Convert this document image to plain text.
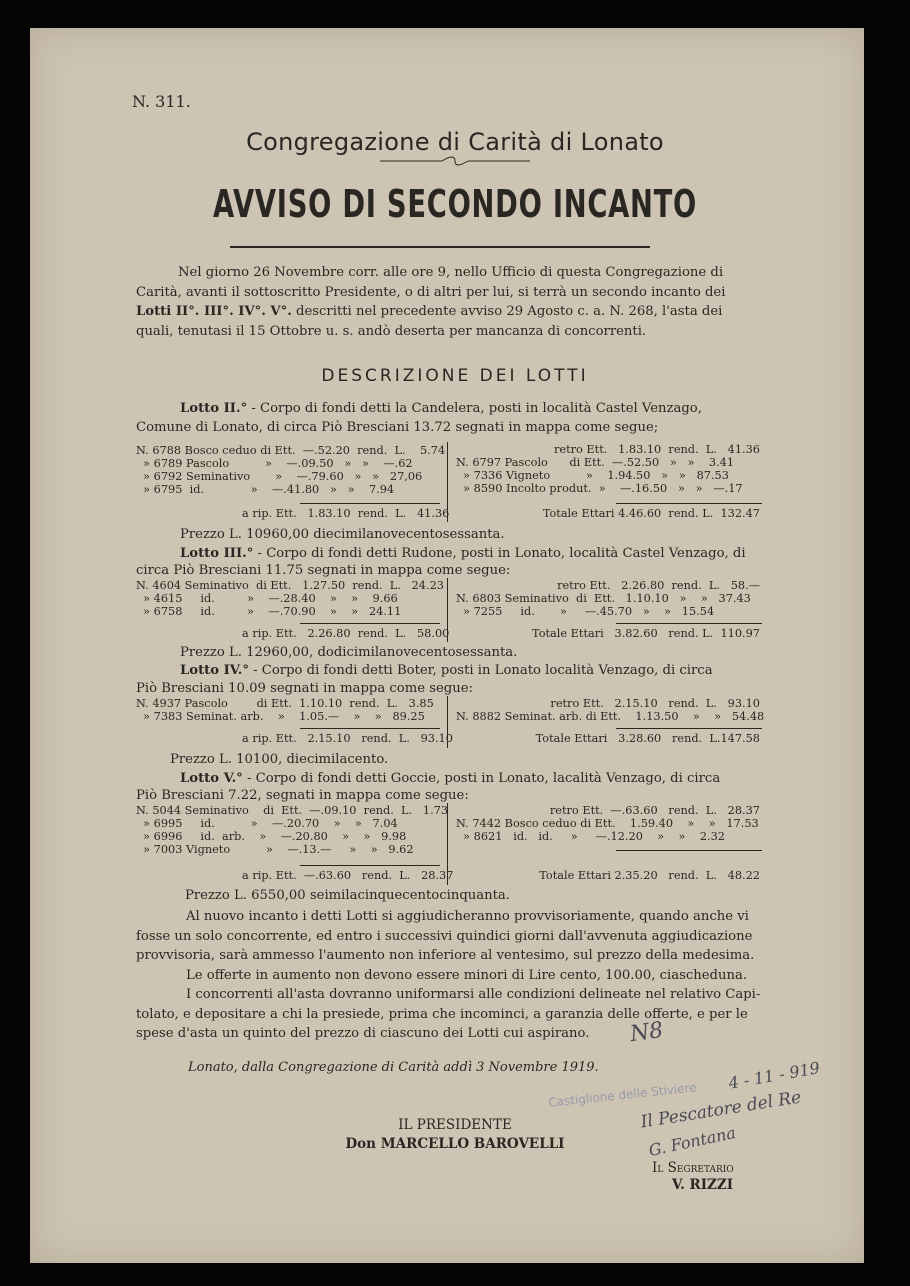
N. 311.
Congregazione di Carità di Lonato
AVVISO DI SECONDO INCANTO
Nel giorno 26 Novembre corr. alle ore 9, nello Ufficio di questa Congregazione di
Carità, avanti il sottoscritto Presidente, o di altri per lui, si terrà un secondo incanto dei
Lotti II°. III°. IV°. V°. descritti nel precedente avviso 29 Agosto c. a. N. 268, l'asta dei
quali, tenutasi il 15 Ottobre u. s. andò deserta per mancanza di concorrenti.
DESCRIZIONE DEI LOTTI
Lotto II.° - Corpo di fondi detti la Candelera, posti in località Castel Venzago,
Comune di Lonato, di circa Piò Bresciani 13.72 segnati in mappa come segue;
N. 6788 Bosco ceduo di Ett.  —.52.20  rend.  L.    5.74
» 6789 Pascolo          »    —.09.50   »   »    —.62
» 6792 Seminativo       »    —.79.60   »   »   27,06
» 6795  id.             »    —.41.80   »   »    7.94
a rip. Ett.   1.83.10  rend.  L.   41.36
retro Ett.   1.83.10  rend.  L.   41.36
N. 6797 Pascolo      di Ett.  —.52.50   »   »    3.41
» 7336 Vigneto          »    1.94.50   »   »   87.53
» 8590 Incolto produt.  »    —.16.50   »   »   —.17
Totale Ettari 4.46.60  rend. L.  132.47
Prezzo L. 10960,00 diecimilanovecentosessanta.
Lotto III.° - Corpo di fondi detti Rudone, posti in Lonato, località Castel Venzago, di
circa Piò Bresciani 11.75 segnati in mappa come segue:
N. 4604 Seminativo  di Ett.   1.27.50  rend.  L.   24.23
» 4615     id.         »    —.28.40    »    »    9.66
» 6758     id.         »    —.70.90    »    »   24.11
a rip. Ett.   2.26.80  rend.  L.   58.00
retro Ett.   2.26.80  rend.  L.   58.—
N. 6803 Seminativo  di  Ett.   1.10.10   »    »   37.43
» 7255     id.       »     —.45.70   »    »   15.54
Totale Ettari   3.82.60   rend. L.  110.97
Prezzo L. 12960,00, dodicimilanovecentosessanta.
Lotto IV.° - Corpo di fondi detti Boter, posti in Lonato località Venzago, di circa
Piò Bresciani 10.09 segnati in mappa come segue:
N. 4937 Pascolo        di Ett.  1.10.10  rend.  L.   3.85
» 7383 Seminat. arb.    »    1.05.—    »    »   89.25
a rip. Ett.   2.15.10   rend.  L.   93.10
retro Ett.   2.15.10   rend.  L.   93.10
N. 8882 Seminat. arb. di Ett.    1.13.50    »    »   54.48
Totale Ettari   3.28.60   rend.  L.147.58
Prezzo L. 10100, diecimilacento.
Lotto V.° - Corpo di fondi detti Goccie, posti in Lonato, lacalità Venzago, di circa
Piò Bresciani 7.22, segnati in mappa come segue:
N. 5044 Seminativo    di  Ett.  —.09.10  rend.  L.   1.73
» 6995     id.          »    —.20.70    »    »   7.04
» 6996     id.  arb.    »    —.20.80    »    »   9.98
» 7003 Vigneto          »    —.13.—     »    »   9.62
a rip. Ett.  —.63.60   rend.  L.   28.37
retro Ett.  —.63.60   rend.  L.   28.37
N. 7442 Bosco ceduo di Ett.    1.59.40    »    »   17.53
» 8621   id.   id.     »     —.12.20    »    »    2.32
Totale Ettari 2.35.20   rend.  L.   48.22
Prezzo L. 6550,00 seimilacinquecentocinquanta.
Al nuovo incanto i detti Lotti si aggiudicheranno provvisoriamente, quando anche vi
fosse un solo concorrente, ed entro i successivi quindici giorni dall'avvenuta aggiudicazione
provvisoria, sarà ammesso l'aumento non inferiore al ventesimo, sul prezzo della medesima.
Le offerte in aumento non devono essere minori di Lire cento, 100.00, ciascheduna.
I concorrenti all'asta dovranno uniformarsi alle condizioni delineate nel relativo Capi-
tolato, e depositare a chi la presiede, prima che incominci, a garanzia delle offerte, e per le
spese d'asta un quinto del prezzo di ciascuno dei Lotti cui aspirano.
Lonato, dalla Congregazione di Carità addì 3 Novembre 1919.
IL PRESIDENTE
Don MARCELLO BAROVELLI
Il Segretario
V. RIZZI
Castiglione delle Stiviere
N8
4 - 11 - 919
Il Pescatore del Re
G. Fontana
